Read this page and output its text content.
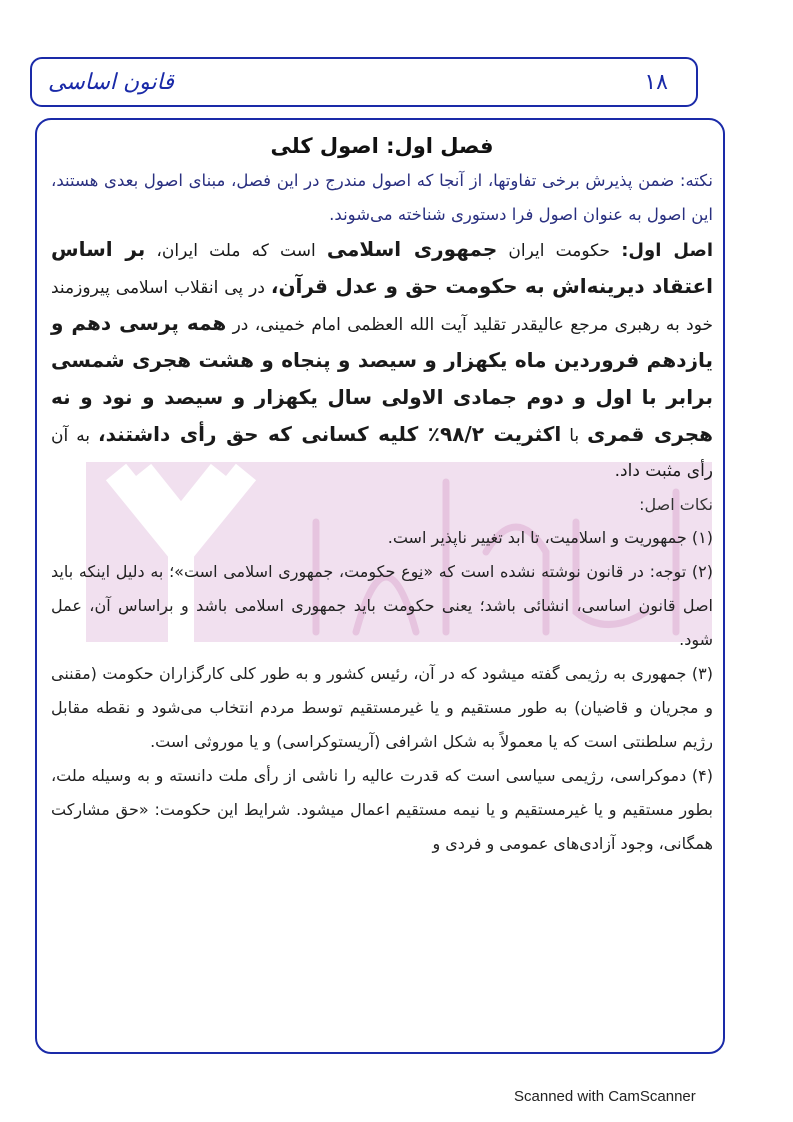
قانون اساسی	۱۸
فصل اول: اصول کلی

نکته: ضمن پذیرش برخی تفاوتها، از آنجا که اصول مندرج در این فصل، مبنای اصول بعدی هستند، این اصول به عنوان اصول فرا دستوری شناخته می‌شوند.

اصل اول: حکومت ایران جمهوری اسلامی است که ملت ایران، بر اساس اعتقاد دیرینه‌اش به حکومت حق و عدل قرآن، در پی انقلاب اسلامی پیروزمند خود به رهبری مرجع عالیقدر تقلید آیت الله العظمی امام خمینی، در همه پرسی دهم و یازدهم فروردین ماه یکهزار و سیصد و پنجاه و هشت هجری شمسی برابر با اول و دوم جمادی الاولی سال یکهزار و سیصد و نود و نه هجری قمری با اکثریت ۹۸/۲٪ کلیه کسانی که حق رأی داشتند، به آن رأی مثبت داد.

نکات اصل:

(۱) جمهوریت و اسلامیت، تا ابد تغییر ناپذیر است.

(۲) توجه: در قانون نوشته نشده است که «نوع حکومت، جمهوری اسلامی است»؛ به دلیل اینکه باید اصل قانون اساسی، انشائی باشد؛ یعنی حکومت باید جمهوری اسلامی باشد و براساس آن، عمل شود.

(۳) جمهوری به رژیمی گفته میشود که در آن، رئیس کشور و به طور کلی کارگزاران حکومت (مقننی و مجریان و قاضیان) به طور مستقیم و یا غیرمستقیم توسط مردم انتخاب می‌شود و نقطه مقابل رژیم سلطنتی است که یا معمولاً به شکل اشرافی (آریستوکراسی) و یا موروثی است.

(۴) دموکراسی، رژیمی سیاسی است که قدرت عالیه را ناشی از رأی ملت دانسته و به وسیله ملت، بطور مستقیم و یا غیرمستقیم و یا نیمه مستقیم اعمال میشود. شرایط این حکومت: «حق مشارکت همگانی، وجود آزادی‌های عمومی و فردی و

Scanned with CamScanner
